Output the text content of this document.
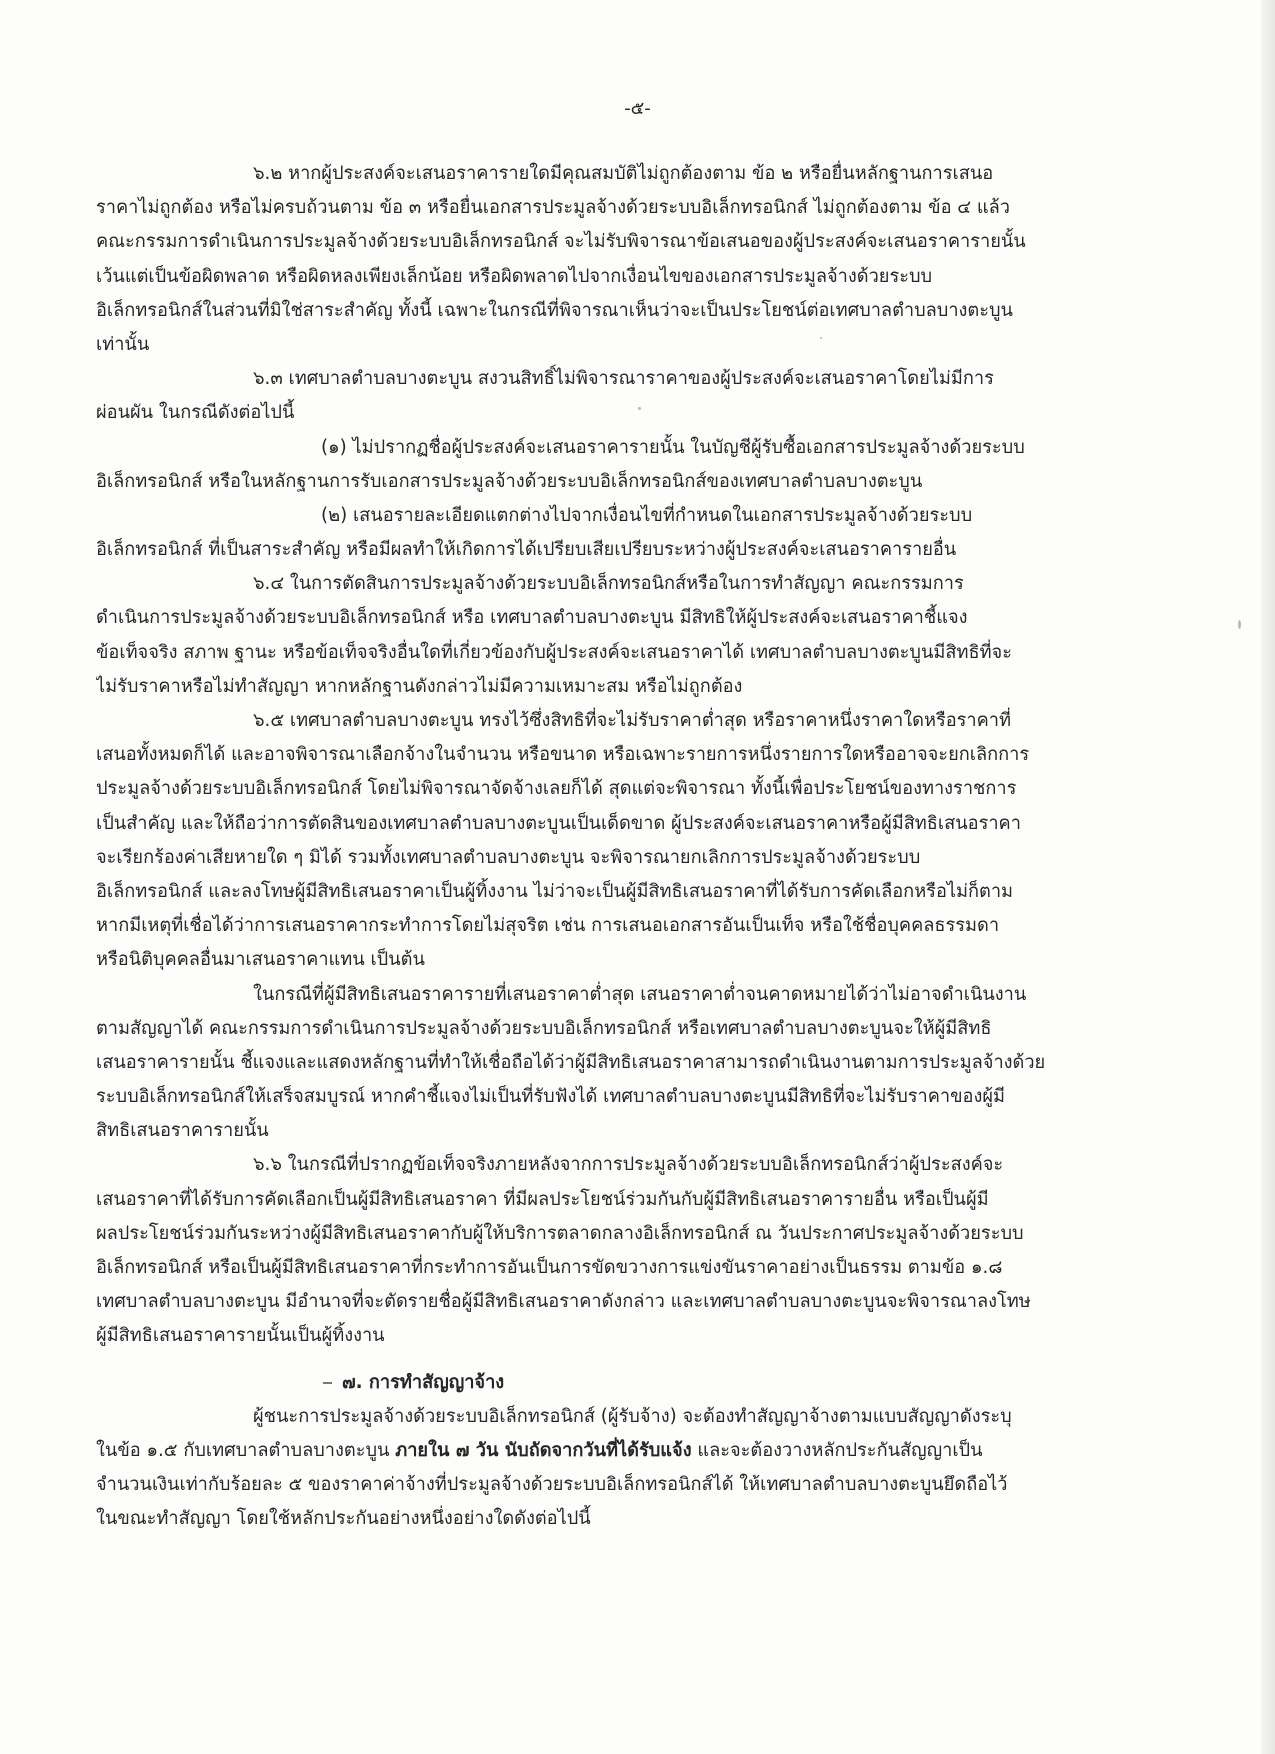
-๕-
๖.๒ หากผู้ประสงค์จะเสนอราคารายใดมีคุณสมบัติไม่ถูกต้องตาม ข้อ ๒ หรือยื่นหลักฐานการเสนอ
ราคาไม่ถูกต้อง หรือไม่ครบถ้วนตาม ข้อ ๓ หรือยื่นเอกสารประมูลจ้างด้วยระบบอิเล็กทรอนิกส์ ไม่ถูกต้องตาม ข้อ ๔ แล้ว
คณะกรรมการดำเนินการประมูลจ้างด้วยระบบอิเล็กทรอนิกส์ จะไม่รับพิจารณาข้อเสนอของผู้ประสงค์จะเสนอราคารายนั้น
เว้นแต่เป็นข้อผิดพลาด หรือผิดหลงเพียงเล็กน้อย หรือผิดพลาดไปจากเงื่อนไขของเอกสารประมูลจ้างด้วยระบบ
อิเล็กทรอนิกส์ในส่วนที่มิใช่สาระสำคัญ ทั้งนี้ เฉพาะในกรณีที่พิจารณาเห็นว่าจะเป็นประโยชน์ต่อเทศบาลตำบลบางตะบูน
เท่านั้น
๖.๓ เทศบาลตำบลบางตะบูน สงวนสิทธิ์ไม่พิจารณาราคาของผู้ประสงค์จะเสนอราคาโดยไม่มีการ
ผ่อนผัน ในกรณีดังต่อไปนี้
(๑) ไม่ปรากฏชื่อผู้ประสงค์จะเสนอราคารายนั้น ในบัญชีผู้รับซื้อเอกสารประมูลจ้างด้วยระบบ
อิเล็กทรอนิกส์ หรือในหลักฐานการรับเอกสารประมูลจ้างด้วยระบบอิเล็กทรอนิกส์ของเทศบาลตำบลบางตะบูน
(๒) เสนอรายละเอียดแตกต่างไปจากเงื่อนไขที่กำหนดในเอกสารประมูลจ้างด้วยระบบ
อิเล็กทรอนิกส์ ที่เป็นสาระสำคัญ หรือมีผลทำให้เกิดการได้เปรียบเสียเปรียบระหว่างผู้ประสงค์จะเสนอราคารายอื่น
๖.๔ ในการตัดสินการประมูลจ้างด้วยระบบอิเล็กทรอนิกส์หรือในการทำสัญญา คณะกรรมการ
ดำเนินการประมูลจ้างด้วยระบบอิเล็กทรอนิกส์ หรือ เทศบาลตำบลบางตะบูน มีสิทธิให้ผู้ประสงค์จะเสนอราคาชี้แจง
ข้อเท็จจริง สภาพ ฐานะ หรือข้อเท็จจริงอื่นใดที่เกี่ยวข้องกับผู้ประสงค์จะเสนอราคาได้ เทศบาลตำบลบางตะบูนมีสิทธิที่จะ
ไม่รับราคาหรือไม่ทำสัญญา หากหลักฐานดังกล่าวไม่มีความเหมาะสม หรือไม่ถูกต้อง
๖.๕ เทศบาลตำบลบางตะบูน ทรงไว้ซึ่งสิทธิที่จะไม่รับราคาต่ำสุด หรือราคาหนึ่งราคาใดหรือราคาที่
เสนอทั้งหมดก็ได้ และอาจพิจารณาเลือกจ้างในจำนวน หรือขนาด หรือเฉพาะรายการหนึ่งรายการใดหรืออาจจะยกเลิกการ
ประมูลจ้างด้วยระบบอิเล็กทรอนิกส์ โดยไม่พิจารณาจัดจ้างเลยก็ได้ สุดแต่จะพิจารณา ทั้งนี้เพื่อประโยชน์ของทางราชการ
เป็นสำคัญ และให้ถือว่าการตัดสินของเทศบาลตำบลบางตะบูนเป็นเด็ดขาด ผู้ประสงค์จะเสนอราคาหรือผู้มีสิทธิเสนอราคา
จะเรียกร้องค่าเสียหายใด ๆ มิได้ รวมทั้งเทศบาลตำบลบางตะบูน จะพิจารณายกเลิกการประมูลจ้างด้วยระบบ
อิเล็กทรอนิกส์ และลงโทษผู้มีสิทธิเสนอราคาเป็นผู้ทิ้งงาน ไม่ว่าจะเป็นผู้มีสิทธิเสนอราคาที่ได้รับการคัดเลือกหรือไม่ก็ตาม
หากมีเหตุที่เชื่อได้ว่าการเสนอราคากระทำการโดยไม่สุจริต เช่น การเสนอเอกสารอันเป็นเท็จ หรือใช้ชื่อบุคคลธรรมดา
หรือนิติบุคคลอื่นมาเสนอราคาแทน เป็นต้น
ในกรณีที่ผู้มีสิทธิเสนอราคารายที่เสนอราคาต่ำสุด เสนอราคาต่ำจนคาดหมายได้ว่าไม่อาจดำเนินงาน
ตามสัญญาได้ คณะกรรมการดำเนินการประมูลจ้างด้วยระบบอิเล็กทรอนิกส์ หรือเทศบาลตำบลบางตะบูนจะให้ผู้มีสิทธิ
เสนอราคารายนั้น ชี้แจงและแสดงหลักฐานที่ทำให้เชื่อถือได้ว่าผู้มีสิทธิเสนอราคาสามารถดำเนินงานตามการประมูลจ้างด้วย
ระบบอิเล็กทรอนิกส์ให้เสร็จสมบูรณ์ หากคำชี้แจงไม่เป็นที่รับฟังได้ เทศบาลตำบลบางตะบูนมีสิทธิที่จะไม่รับราคาของผู้มี
สิทธิเสนอราคารายนั้น
๖.๖ ในกรณีที่ปรากฏข้อเท็จจริงภายหลังจากการประมูลจ้างด้วยระบบอิเล็กทรอนิกส์ว่าผู้ประสงค์จะ
เสนอราคาที่ได้รับการคัดเลือกเป็นผู้มีสิทธิเสนอราคา ที่มีผลประโยชน์ร่วมกันกับผู้มีสิทธิเสนอราคารายอื่น หรือเป็นผู้มี
ผลประโยชน์ร่วมกันระหว่างผู้มีสิทธิเสนอราคากับผู้ให้บริการตลาดกลางอิเล็กทรอนิกส์ ณ วันประกาศประมูลจ้างด้วยระบบ
อิเล็กทรอนิกส์ หรือเป็นผู้มีสิทธิเสนอราคาที่กระทำการอันเป็นการขัดขวางการแข่งขันราคาอย่างเป็นธรรม ตามข้อ ๑.๘
เทศบาลตำบลบางตะบูน มีอำนาจที่จะตัดรายชื่อผู้มีสิทธิเสนอราคาดังกล่าว และเทศบาลตำบลบางตะบูนจะพิจารณาลงโทษ
ผู้มีสิทธิเสนอราคารายนั้นเป็นผู้ทิ้งงาน
๗. การทำสัญญาจ้าง
ผู้ชนะการประมูลจ้างด้วยระบบอิเล็กทรอนิกส์ (ผู้รับจ้าง) จะต้องทำสัญญาจ้างตามแบบสัญญาดังระบุ
ในข้อ ๑.๕ กับเทศบาลตำบลบางตะบูน ภายใน ๗ วัน นับถัดจากวันที่ได้รับแจ้ง และจะต้องวางหลักประกันสัญญาเป็น
จำนวนเงินเท่ากับร้อยละ ๕ ของราคาค่าจ้างที่ประมูลจ้างด้วยระบบอิเล็กทรอนิกส์ได้ ให้เทศบาลตำบลบางตะบูนยึดถือไว้
ในขณะทำสัญญา โดยใช้หลักประกันอย่างหนึ่งอย่างใดดังต่อไปนี้
